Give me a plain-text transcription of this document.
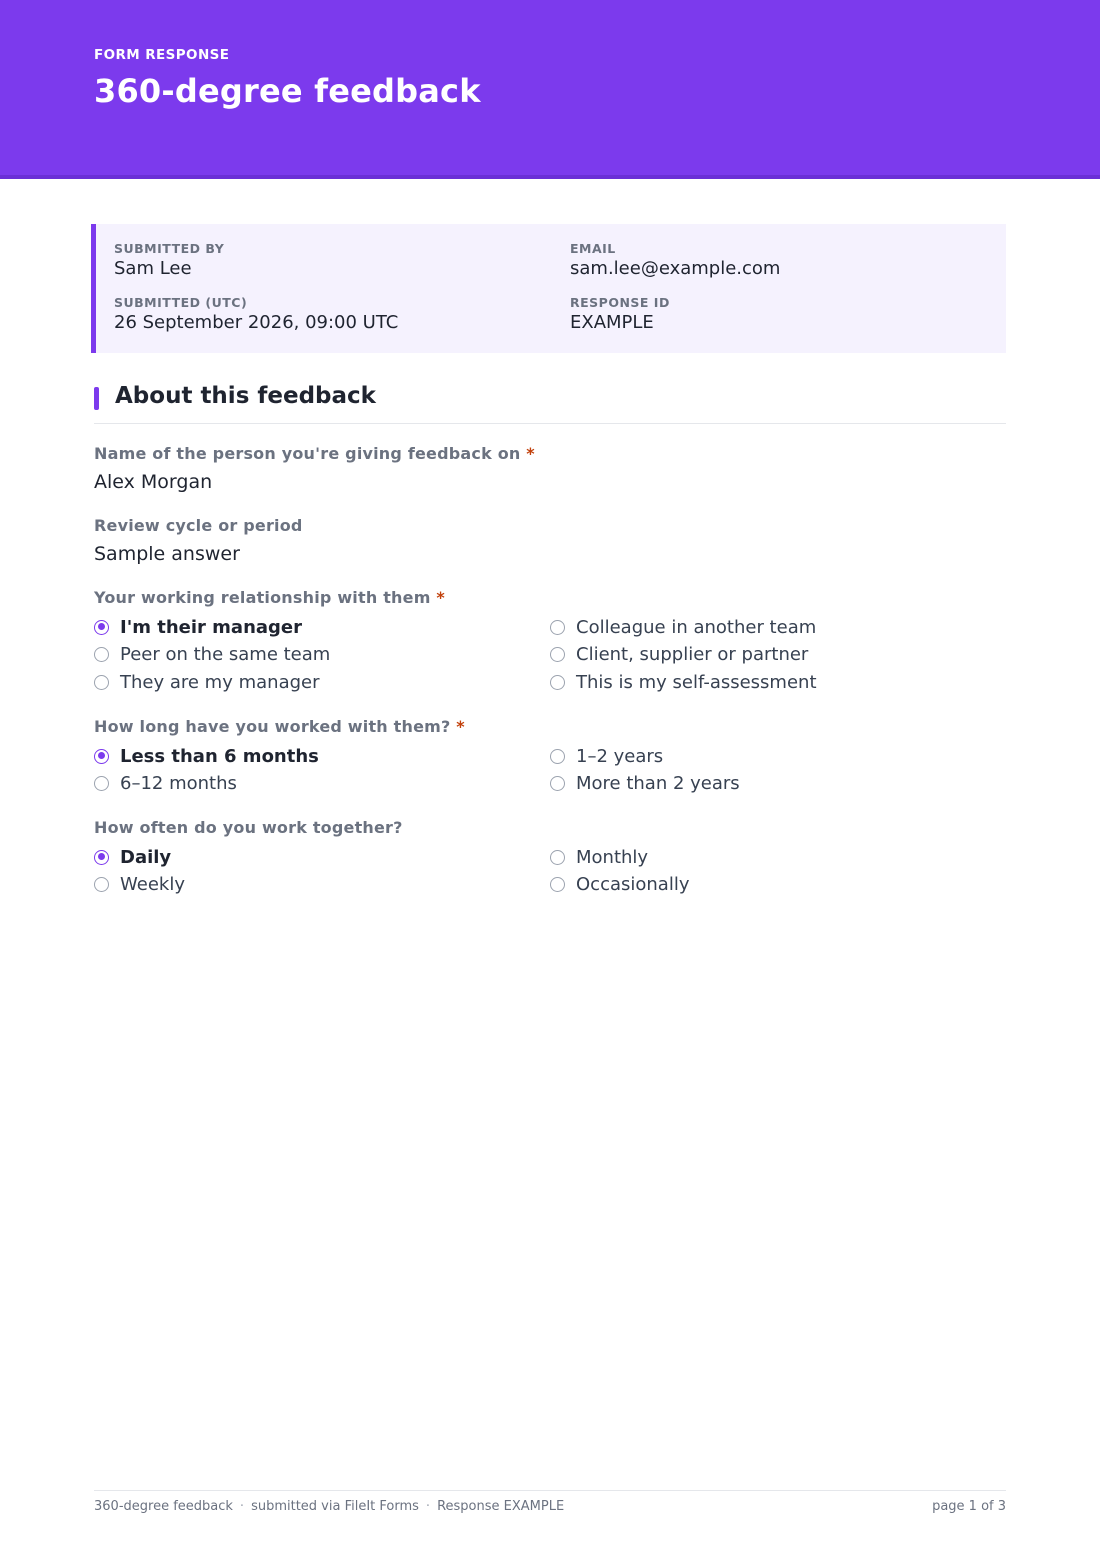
FORM RESPONSE
360-degree feedback
SUBMITTED BY
Sam Lee
EMAIL
sam.lee@example.com
SUBMITTED (UTC)
26 September 2026, 09:00 UTC
RESPONSE ID
EXAMPLE
About this feedback
Name of the person you're giving feedback on *
Alex Morgan
Review cycle or period
Sample answer
Your working relationship with them *
I'm their manager
Peer on the same team
They are my manager
Colleague in another team
Client, supplier or partner
This is my self-assessment
How long have you worked with them? *
Less than 6 months
6–12 months
1–2 years
More than 2 years
How often do you work together?
Daily
Weekly
Monthly
Occasionally
360-degree feedback · submitted via FileIt Forms · Response EXAMPLE	page 1 of 3
